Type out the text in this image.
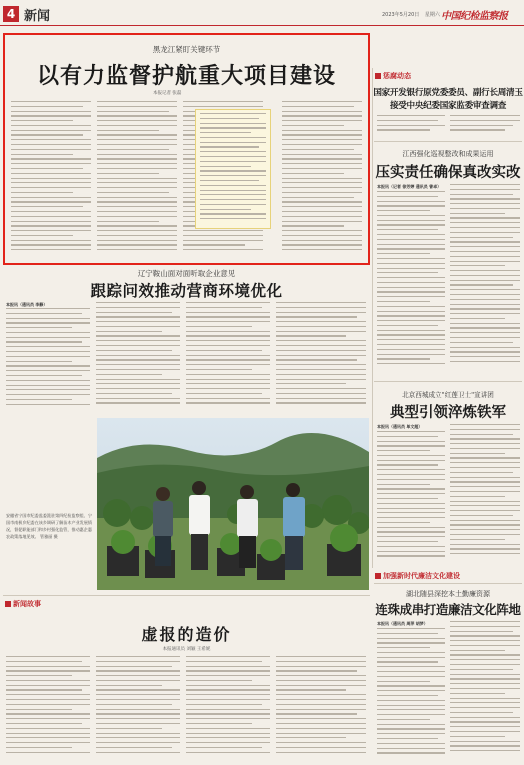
4 新闻	2023年5月20日 星期六 中国纪检监察报
黑龙江紧盯关键环节
以有力监督护航重大项目建设
本报记者 张磊
惩腐动态
国家开发银行原党委委员、副行长周清玉
接受中央纪委国家监委审查调查
江西强化巡视整改和成果运用
压实责任确保真改实改
本报讯（记者 徐芳婷 通讯员 曾卓）
辽宁鞍山面对面听取企业意见
跟踪问效推动营商环境优化
本报讯（通讯员 李静）
安徽省宁国市纪委监委派驻第四纪检监察组、宁国市南极乡纪委在该乡调研了解苗木产业发展情况，督促职能部门和乡村强化监管，推动惠企惠农政策落地见效。 管雅丽 摄
北京西城成立"红莲卫士"宣讲团
典型引领淬炼铁军
本报讯（通讯员 单文超）
加强新时代廉洁文化建设
湖北随县深挖本土勤廉资源
连珠成串打造廉洁文化阵地
本报讯（通讯员 周萍 胡梦）
新闻故事
虚报的造价
本报通讯员 刘颖 王希妮
